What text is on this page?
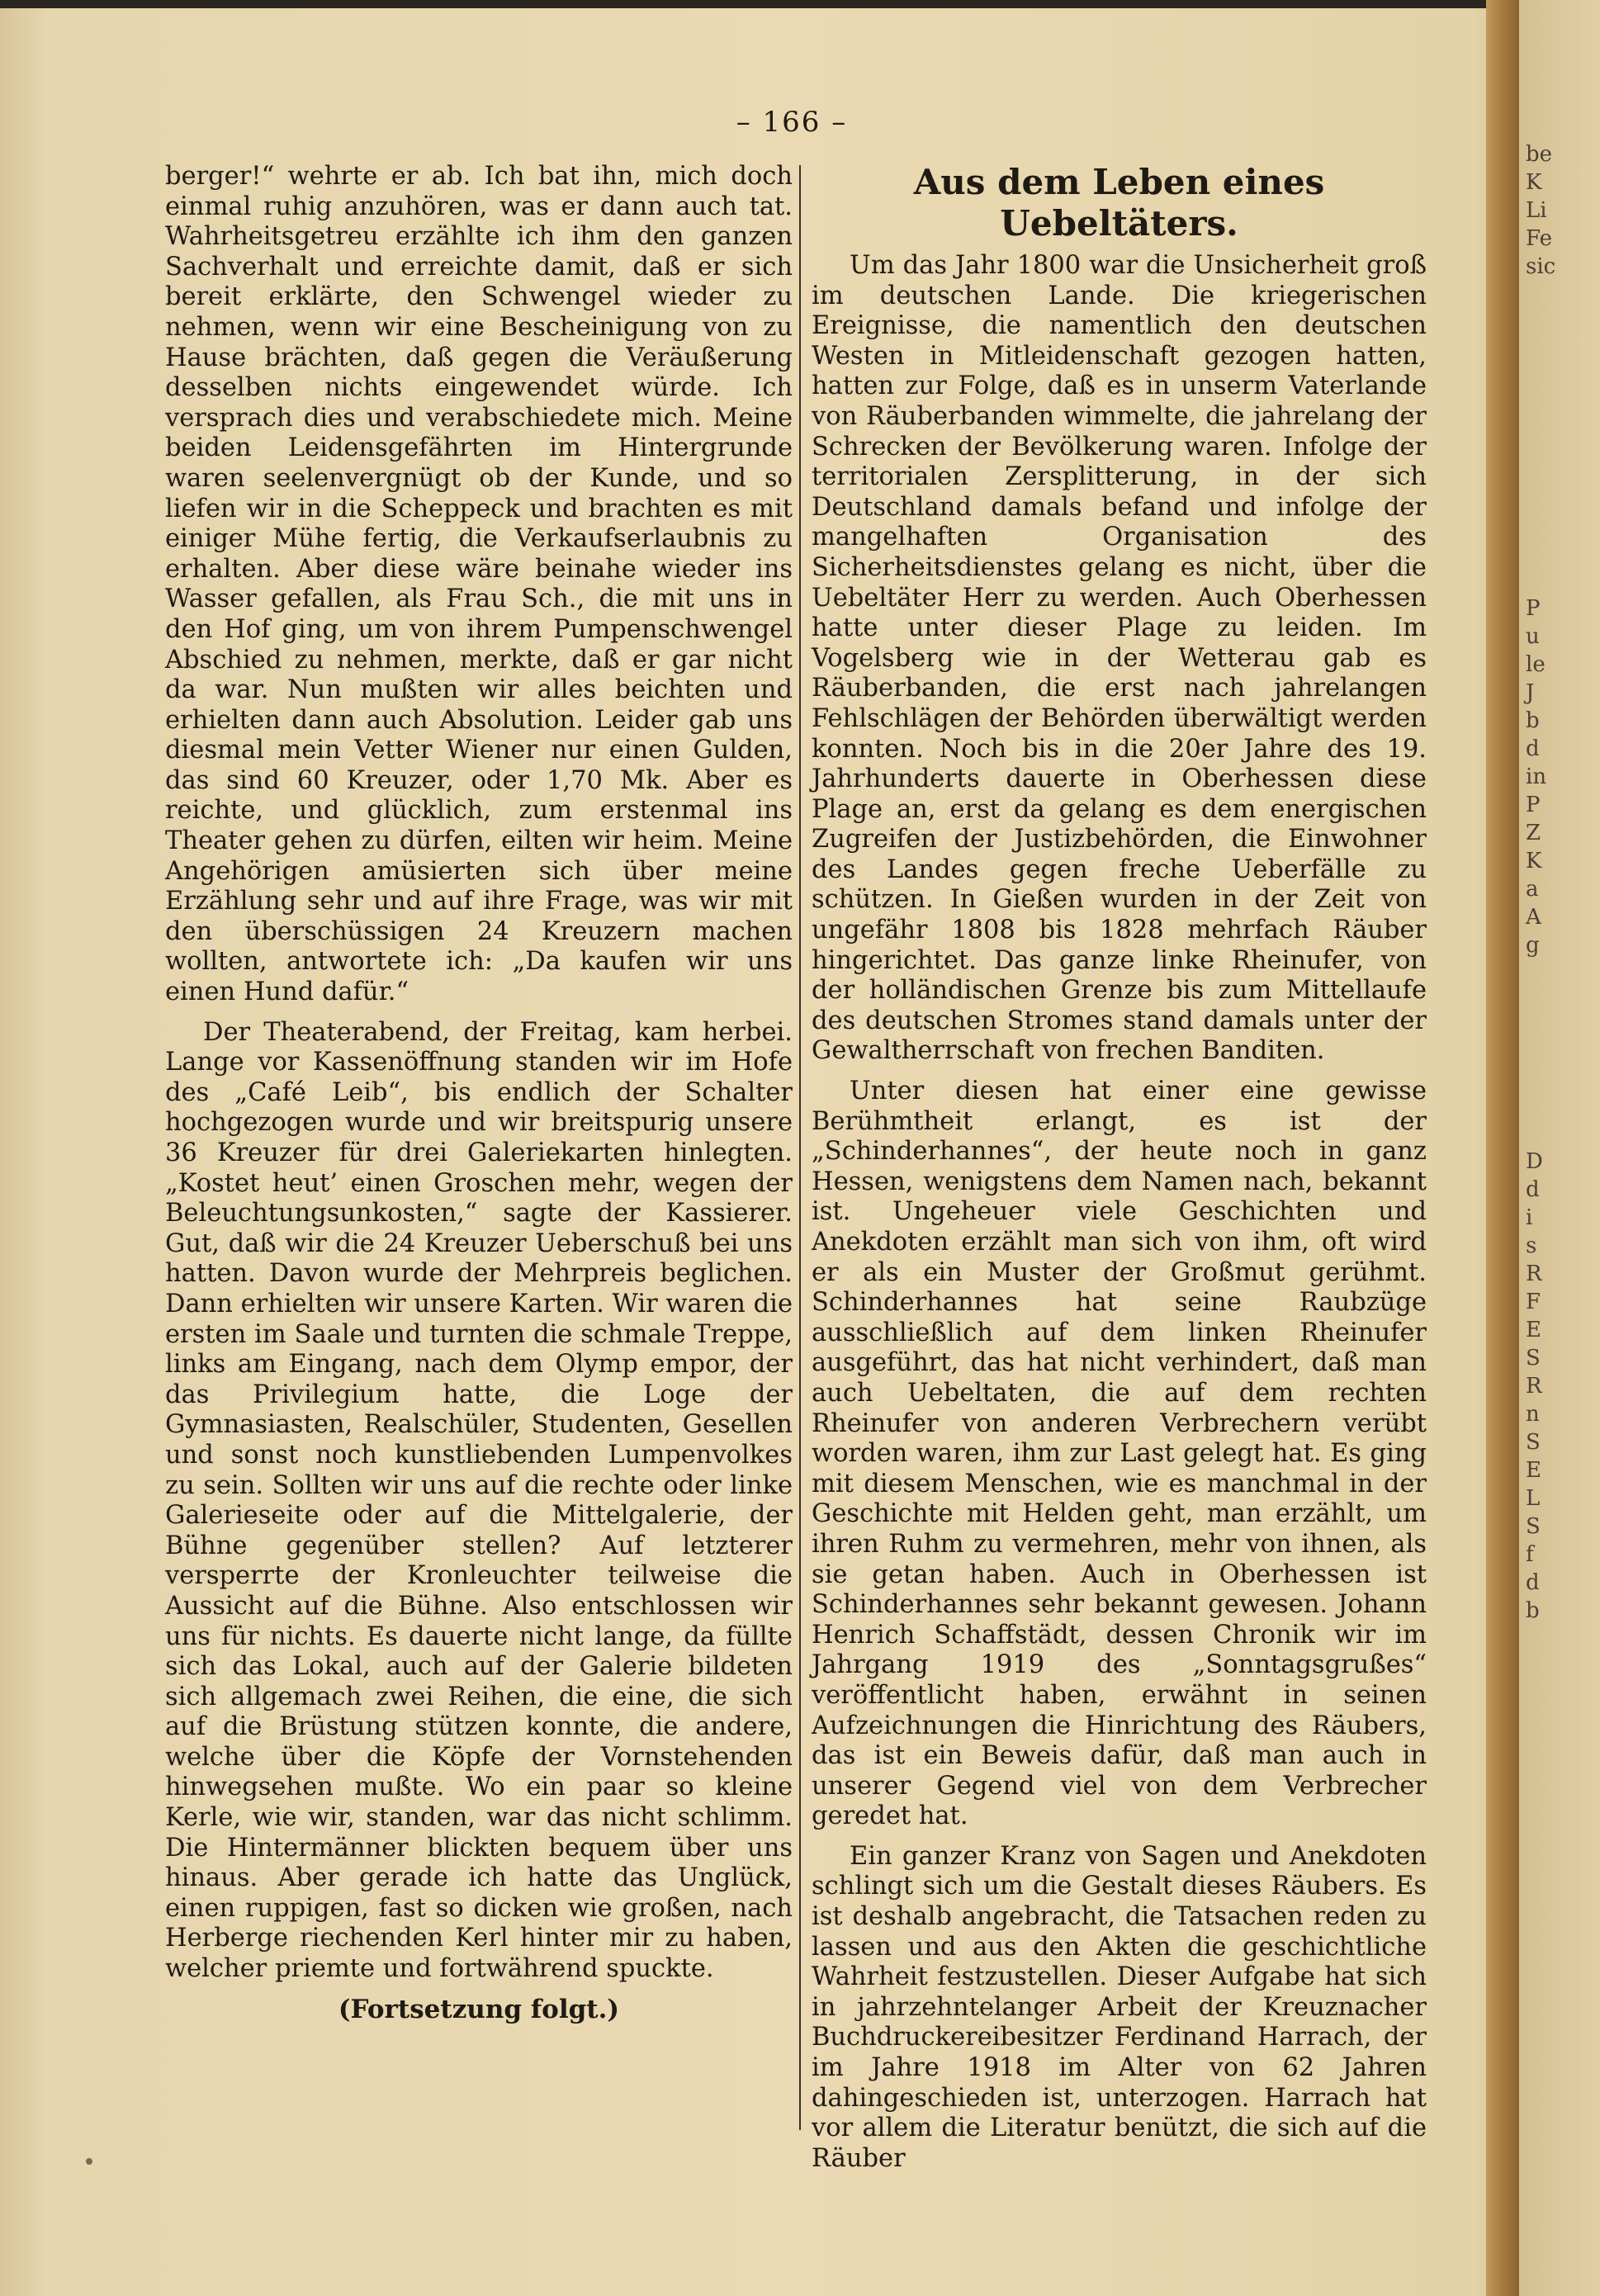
– 166 –

berger!“ wehrte er ab. Ich bat ihn, mich doch einmal ruhig anzuhören, was er dann auch tat. Wahrheitsgetreu erzählte ich ihm den ganzen Sachverhalt und erreichte damit, daß er sich bereit erklärte, den Schwengel wieder zu nehmen, wenn wir eine Bescheinigung von zu Hause brächten, daß gegen die Veräußerung desselben nichts eingewendet würde. Ich versprach dies und verabschiedete mich. Meine beiden Leidensgefährten im Hintergrunde waren seelenvergnügt ob der Kunde, und so liefen wir in die Scheppeck und brachten es mit einiger Mühe fertig, die Verkaufserlaubnis zu erhalten. Aber diese wäre beinahe wieder ins Wasser gefallen, als Frau Sch., die mit uns in den Hof ging, um von ihrem Pumpenschwengel Abschied zu nehmen, merkte, daß er gar nicht da war. Nun mußten wir alles beichten und erhielten dann auch Absolution. Leider gab uns diesmal mein Vetter Wiener nur einen Gulden, das sind 60 Kreuzer, oder 1,70 Mk. Aber es reichte, und glücklich, zum erstenmal ins Theater gehen zu dürfen, eilten wir heim. Meine Angehörigen amüsierten sich über meine Erzählung sehr und auf ihre Frage, was wir mit den überschüssigen 24 Kreuzern machen wollten, antwortete ich: „Da kaufen wir uns einen Hund dafür.“

Der Theaterabend, der Freitag, kam herbei. Lange vor Kassenöffnung standen wir im Hofe des „Café Leib“, bis endlich der Schalter hochgezogen wurde und wir breitspurig unsere 36 Kreuzer für drei Galeriekarten hinlegten. „Kostet heut’ einen Groschen mehr, wegen der Beleuchtungsunkosten,“ sagte der Kassierer. Gut, daß wir die 24 Kreuzer Ueberschuß bei uns hatten. Davon wurde der Mehrpreis beglichen. Dann erhielten wir unsere Karten. Wir waren die ersten im Saale und turnten die schmale Treppe, links am Eingang, nach dem Olymp empor, der das Privilegium hatte, die Loge der Gymnasiasten, Realschüler, Studenten, Gesellen und sonst noch kunstliebenden Lumpenvolkes zu sein. Sollten wir uns auf die rechte oder linke Galerieseite oder auf die Mittelgalerie, der Bühne gegenüber stellen? Auf letzterer versperrte der Kronleuchter teilweise die Aussicht auf die Bühne. Also entschlossen wir uns für nichts. Es dauerte nicht lange, da füllte sich das Lokal, auch auf der Galerie bildeten sich allgemach zwei Reihen, die eine, die sich auf die Brüstung stützen konnte, die andere, welche über die Köpfe der Vornstehenden hinwegsehen mußte. Wo ein paar so kleine Kerle, wie wir, standen, war das nicht schlimm. Die Hintermänner blickten bequem über uns hinaus. Aber gerade ich hatte das Unglück, einen ruppigen, fast so dicken wie großen, nach Herberge riechenden Kerl hinter mir zu haben, welcher priemte und fortwährend spuckte.

(Fortsetzung folgt.)
Aus dem Leben eines Uebeltäters.

Um das Jahr 1800 war die Unsicherheit groß im deutschen Lande. Die kriegerischen Ereignisse, die namentlich den deutschen Westen in Mitleidenschaft gezogen hatten, hatten zur Folge, daß es in unserm Vaterlande von Räuberbanden wimmelte, die jahrelang der Schrecken der Bevölkerung waren. Infolge der territorialen Zersplitterung, in der sich Deutschland damals befand und infolge der mangelhaften Organisation des Sicherheitsdienstes gelang es nicht, über die Uebeltäter Herr zu werden. Auch Oberhessen hatte unter dieser Plage zu leiden. Im Vogelsberg wie in der Wetterau gab es Räuberbanden, die erst nach jahrelangen Fehlschlägen der Behörden überwältigt werden konnten. Noch bis in die 20er Jahre des 19. Jahrhunderts dauerte in Oberhessen diese Plage an, erst da gelang es dem energischen Zugreifen der Justizbehörden, die Einwohner des Landes gegen freche Ueberfälle zu schützen. In Gießen wurden in der Zeit von ungefähr 1808 bis 1828 mehrfach Räuber hingerichtet. Das ganze linke Rheinufer, von der holländischen Grenze bis zum Mittellaufe des deutschen Stromes stand damals unter der Gewaltherrschaft von frechen Banditen.

Unter diesen hat einer eine gewisse Berühmtheit erlangt, es ist der „Schinderhannes“, der heute noch in ganz Hessen, wenigstens dem Namen nach, bekannt ist. Ungeheuer viele Geschichten und Anekdoten erzählt man sich von ihm, oft wird er als ein Muster der Großmut gerühmt. Schinderhannes hat seine Raubzüge ausschließlich auf dem linken Rheinufer ausgeführt, das hat nicht verhindert, daß man auch Uebeltaten, die auf dem rechten Rheinufer von anderen Verbrechern verübt worden waren, ihm zur Last gelegt hat. Es ging mit diesem Menschen, wie es manchmal in der Geschichte mit Helden geht, man erzählt, um ihren Ruhm zu vermehren, mehr von ihnen, als sie getan haben. Auch in Oberhessen ist Schinderhannes sehr bekannt gewesen. Johann Henrich Schaffstädt, dessen Chronik wir im Jahrgang 1919 des „Sonntagsgrußes“ veröffentlicht haben, erwähnt in seinen Aufzeichnungen die Hinrichtung des Räubers, das ist ein Beweis dafür, daß man auch in unserer Gegend viel von dem Verbrecher geredet hat.

Ein ganzer Kranz von Sagen und Anekdoten schlingt sich um die Gestalt dieses Räubers. Es ist deshalb angebracht, die Tatsachen reden zu lassen und aus den Akten die geschichtliche Wahrheit festzustellen. Dieser Aufgabe hat sich in jahrzehntelanger Arbeit der Kreuznacher Buchdruckereibesitzer Ferdinand Harrach, der im Jahre 1918 im Alter von 62 Jahren dahingeschieden ist, unterzogen. Harrach hat vor allem die Literatur benützt, die sich auf die Räuber

be
K
Li
Fe
sic
P
u
le
J
b
d
in
P
Z
K
a
A
g
D
d
i
s
R
F
E
S
R
n
S
E
L
S
f
d
b
